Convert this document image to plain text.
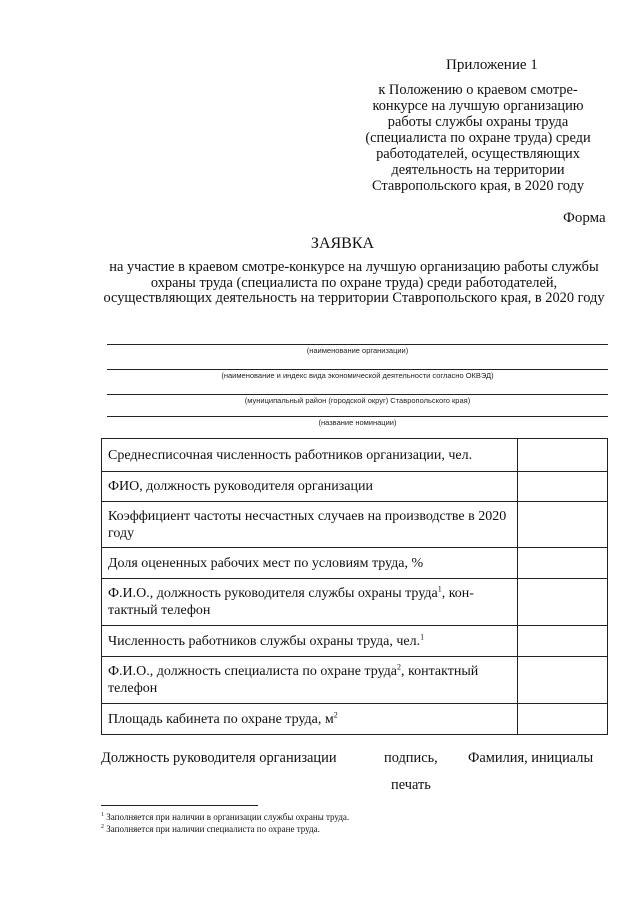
Приложение 1
к Положению о краевом смотре-конкурсе на лучшую организацию работы службы охраны труда (специалиста по охране труда) среди работодателей, осуществляющих деятельность на территории Ставропольского края, в 2020 году
Форма
ЗАЯВКА
на участие в краевом смотре-конкурсе на лучшую организацию работы службы охраны труда (специалиста по охране труда) среди работодателей, осуществляющих деятельность на территории Ставропольского края, в 2020 году
(наименование организации)
(наименование и индекс вида экономической деятельности согласно ОКВЭД)
(муниципальный район (городской округ) Ставропольского края)
(название номинации)
Среднесписочная численность работников организации, чел.	
ФИО, должность руководителя организации	
Коэффициент частоты несчастных случаев на производстве в 2020 году	
Доля оцененных рабочих мест по условиям труда, %	
Ф.И.О., должность руководителя службы охраны труда$^1$, кон-тактный телефон	
Численность работников службы охраны труда, чел.$^1$	
Ф.И.О., должность специалиста по охране труда$^2$, контактный телефон	
Площадь кабинета по охране труда, $м^2$	
Должность руководителя организации	подпись, Фамилия, инициалы
печать
$^1$ Заполняется при наличии в организации службы охраны труда.
$^2$ Заполняется при наличии специалиста по охране труда.
